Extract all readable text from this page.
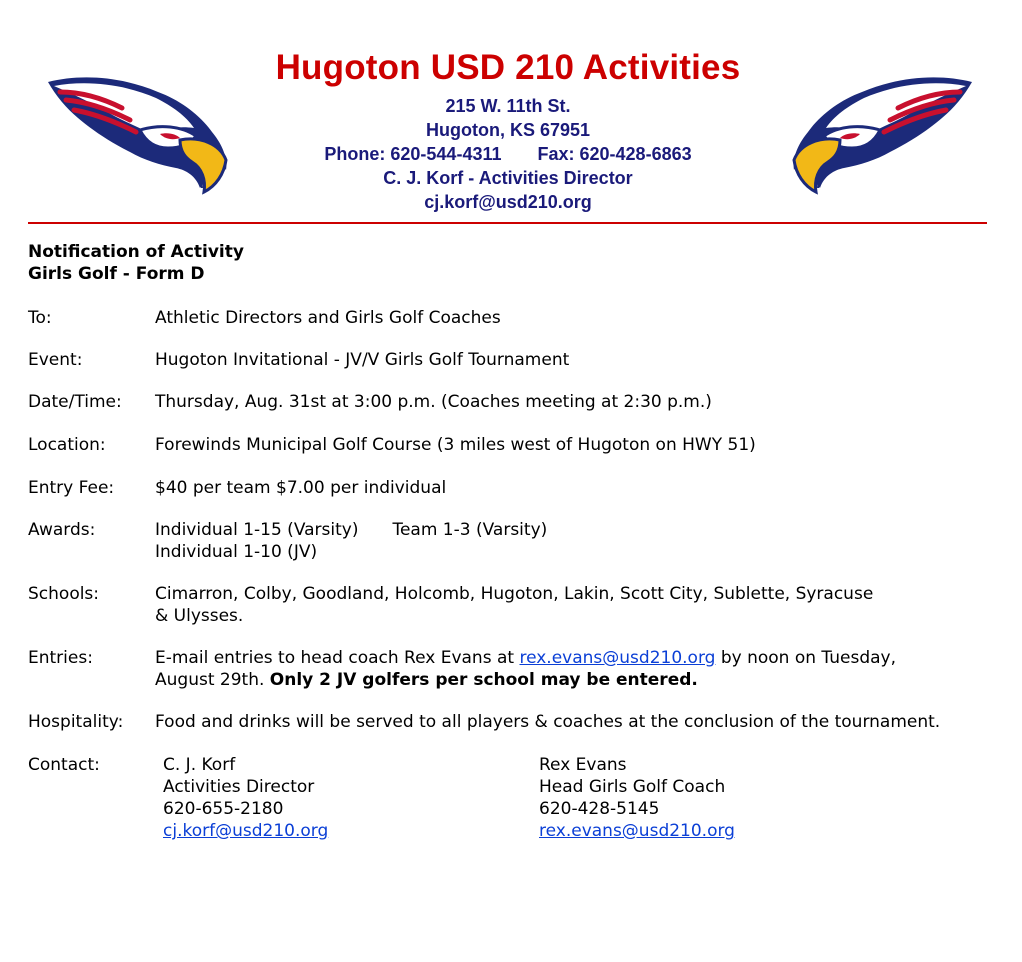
Hugoton USD 210 Activities
215 W. 11th St.
Hugoton, KS 67951
Phone: 620-544-4311 Fax: 620-428-6863
C. J. Korf - Activities Director
cj.korf@usd210.org
Notification of Activity
Girls Golf - Form D
To:	Athletic Directors and Girls Golf Coaches
Event:	Hugoton Invitational - JV/V Girls Golf Tournament
Date/Time:	Thursday, Aug. 31st at 3:00 p.m. (Coaches meeting at 2:30 p.m.)
Location:	Forewinds Municipal Golf Course (3 miles west of Hugoton on HWY 51)
Entry Fee:	$40 per team $7.00 per individual
Awards:	Individual 1-15 (Varsity) Team 1-3 (Varsity)
Individual 1-10 (JV)
Schools:	Cimarron, Colby, Goodland, Holcomb, Hugoton, Lakin, Scott City, Sublette, Syracuse
& Ulysses.
Entries:	E-mail entries to head coach Rex Evans at rex.evans@usd210.org by noon on Tuesday,
August 29th. Only 2 JV golfers per school may be entered.
Hospitality:	Food and drinks will be served to all players & coaches at the conclusion of the tournament.
Contact:	C. J. Korf
Activities Director
620-655-2180
cj.korf@usd210.org
Rex Evans
Head Girls Golf Coach
620-428-5145
rex.evans@usd210.org
